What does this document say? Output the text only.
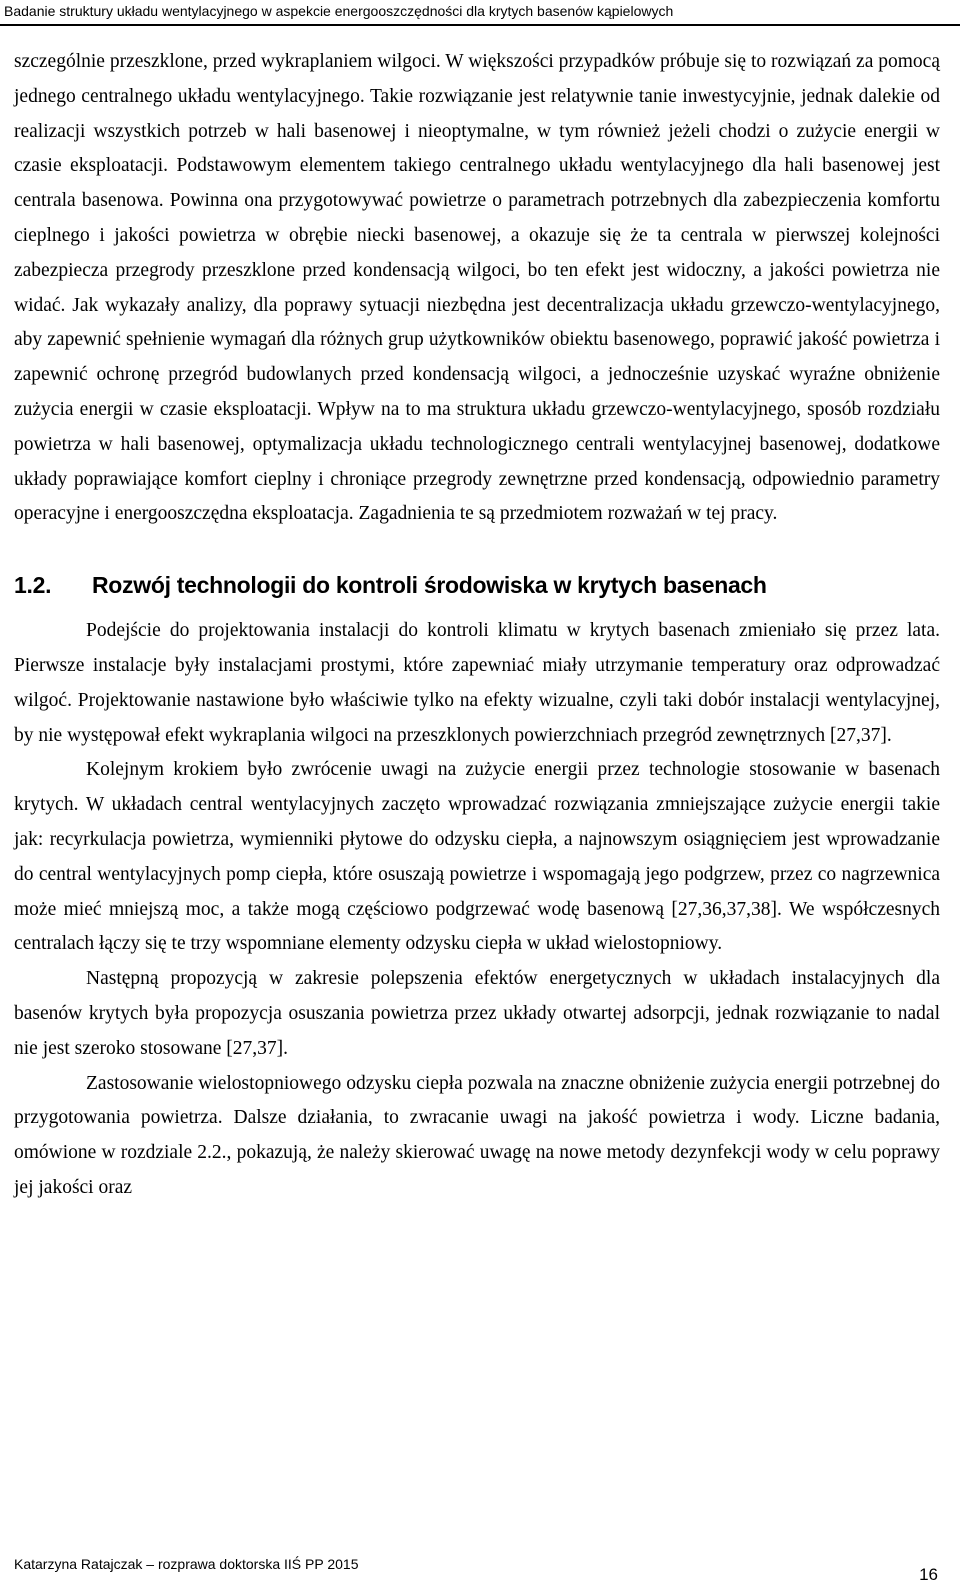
Badanie struktury układu wentylacyjnego w aspekcie energooszczędności dla krytych basenów kąpielowych

szczególnie przeszklone, przed wykraplaniem wilgoci. W większości przypadków próbuje się to rozwiązań za pomocą jednego centralnego układu wentylacyjnego. Takie rozwiązanie jest relatywnie tanie inwestycyjnie, jednak dalekie od realizacji wszystkich potrzeb w hali basenowej i nieoptymalne, w tym również jeżeli chodzi o zużycie energii w czasie eksploatacji. Podstawowym elementem takiego centralnego układu wentylacyjnego dla hali basenowej jest centrala basenowa. Powinna ona przygotowywać powietrze o parametrach potrzebnych dla zabezpieczenia komfortu cieplnego i jakości powietrza w obrębie niecki basenowej, a okazuje się że ta centrala w pierwszej kolejności zabezpiecza przegrody przeszklone przed kondensacją wilgoci, bo ten efekt jest widoczny, a jakości powietrza nie widać. Jak wykazały analizy, dla poprawy sytuacji niezbędna jest decentralizacja układu grzewczo-wentylacyjnego, aby zapewnić spełnienie wymagań dla różnych grup użytkowników obiektu basenowego, poprawić jakość powietrza i zapewnić ochronę przegród budowlanych przed kondensacją wilgoci, a jednocześnie uzyskać wyraźne obniżenie zużycia energii w czasie eksploatacji. Wpływ na to ma struktura układu grzewczo-wentylacyjnego, sposób rozdziału powietrza w hali basenowej, optymalizacja układu technologicznego centrali wentylacyjnej basenowej, dodatkowe układy poprawiające komfort cieplny i chroniące przegrody zewnętrzne przed kondensacją, odpowiednio parametry operacyjne i energooszczędna eksploatacja. Zagadnienia te są przedmiotem rozważań w tej pracy.

1.2. Rozwój technologii do kontroli środowiska w krytych basenach

Podejście do projektowania instalacji do kontroli klimatu w krytych basenach zmieniało się przez lata. Pierwsze instalacje były instalacjami prostymi, które zapewniać miały utrzymanie temperatury oraz odprowadzać wilgoć. Projektowanie nastawione było właściwie tylko na efekty wizualne, czyli taki dobór instalacji wentylacyjnej, by nie występował efekt wykraplania wilgoci na przeszklonych powierzchniach przegród zewnętrznych [27,37].

Kolejnym krokiem było zwrócenie uwagi na zużycie energii przez technologie stosowanie w basenach krytych. W układach central wentylacyjnych zaczęto wprowadzać rozwiązania zmniejszające zużycie energii takie jak: recyrkulacja powietrza, wymienniki płytowe do odzysku ciepła, a najnowszym osiągnięciem jest wprowadzanie do central wentylacyjnych pomp ciepła, które osuszają powietrze i wspomagają jego podgrzew, przez co nagrzewnica może mieć mniejszą moc, a także mogą częściowo podgrzewać wodę basenową [27,36,37,38]. We współczesnych centralach łączy się te trzy wspomniane elementy odzysku ciepła w układ wielostopniowy.

Następną propozycją w zakresie polepszenia efektów energetycznych w układach instalacyjnych dla basenów krytych była propozycja osuszania powietrza przez układy otwartej adsorpcji, jednak rozwiązanie to nadal nie jest szeroko stosowane [27,37].

Zastosowanie wielostopniowego odzysku ciepła pozwala na znaczne obniżenie zużycia energii potrzebnej do przygotowania powietrza. Dalsze działania, to zwracanie uwagi na jakość powietrza i wody. Liczne badania, omówione w rozdziale 2.2., pokazują, że należy skierować uwagę na nowe metody dezynfekcji wody w celu poprawy jej jakości oraz

Katarzyna Ratajczak – rozprawa doktorska IIŚ PP 2015
16
